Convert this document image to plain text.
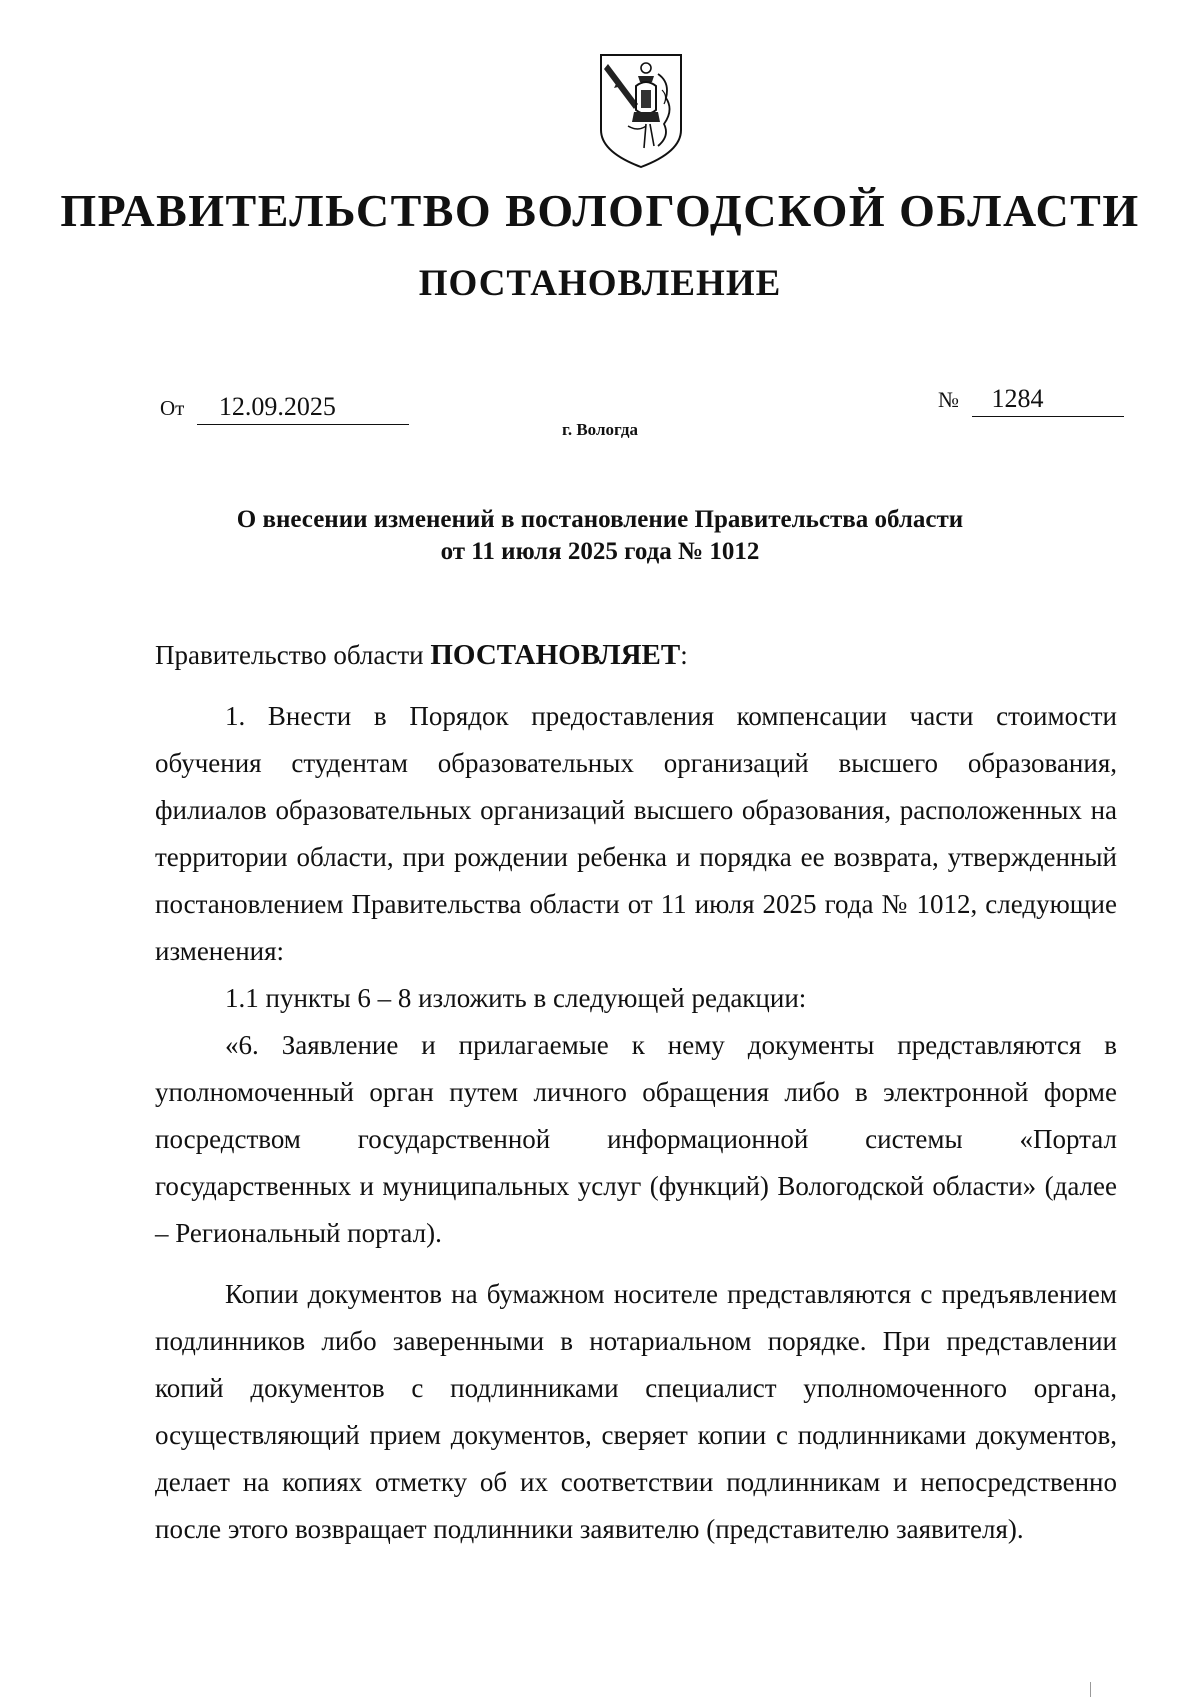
ПРАВИТЕЛЬСТВО ВОЛОГОДСКОЙ ОБЛАСТИ
ПОСТАНОВЛЕНИЕ
От 12.09.2025	№ 1284
г. Вологда
О внесении изменений в постановление Правительства области
от 11 июля 2025 года № 1012

Правительство области ПОСТАНОВЛЯЕТ:

1. Внести в Порядок предоставления компенсации части стоимости обучения студентам образовательных организаций высшего образования, филиалов образовательных организаций высшего образования, расположенных на территории области, при рождении ребенка и порядка ее возврата, утвержденный постановлением Правительства области от 11 июля 2025 года № 1012, следующие изменения:

1.1 пункты 6 – 8 изложить в следующей редакции:

«6. Заявление и прилагаемые к нему документы представляются в уполномоченный орган путем личного обращения либо в электронной форме посредством государственной информационной системы «Портал государственных и муниципальных услуг (функций) Вологодской области» (далее – Региональный портал).

Копии документов на бумажном носителе представляются с предъявлением подлинников либо заверенными в нотариальном порядке. При представлении копий документов с подлинниками специалист уполномоченного органа, осуществляющий прием документов, сверяет копии с подлинниками документов, делает на копиях отметку об их соответствии подлинникам и непосредственно после этого возвращает подлинники заявителю (представителю заявителя).
